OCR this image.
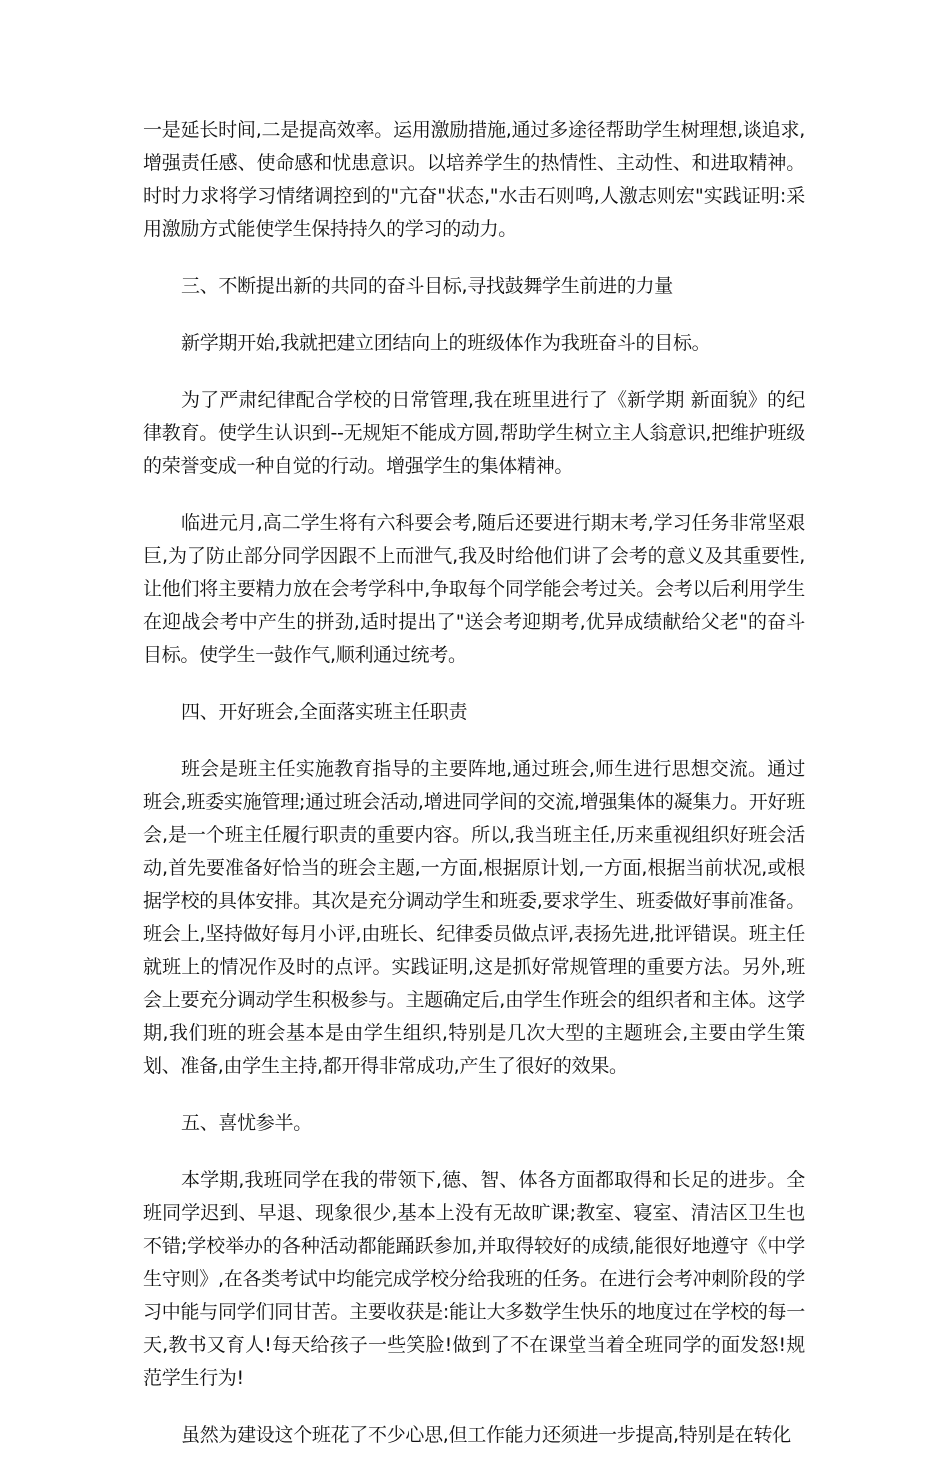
一是延长时间,二是提高效率。运用激励措施,通过多途径帮助学生树理想,谈追求,增强责任感、使命感和忧患意识。以培养学生的热情性、主动性、和进取精神。时时力求将学习情绪调控到的"亢奋"状态,"水击石则鸣,人激志则宏"实践证明:采用激励方式能使学生保持持久的学习的动力。

三、不断提出新的共同的奋斗目标,寻找鼓舞学生前进的力量

新学期开始,我就把建立团结向上的班级体作为我班奋斗的目标。

为了严肃纪律配合学校的日常管理,我在班里进行了《新学期 新面貌》的纪律教育。使学生认识到--无规矩不能成方圆,帮助学生树立主人翁意识,把维护班级的荣誉变成一种自觉的行动。增强学生的集体精神。

临进元月,高二学生将有六科要会考,随后还要进行期末考,学习任务非常坚艰巨,为了防止部分同学因跟不上而泄气,我及时给他们讲了会考的意义及其重要性,让他们将主要精力放在会考学科中,争取每个同学能会考过关。会考以后利用学生在迎战会考中产生的拼劲,适时提出了"送会考迎期考,优异成绩献给父老"的奋斗目标。使学生一鼓作气,顺利通过统考。

四、开好班会,全面落实班主任职责

班会是班主任实施教育指导的主要阵地,通过班会,师生进行思想交流。通过班会,班委实施管理;通过班会活动,增进同学间的交流,增强集体的凝集力。开好班会,是一个班主任履行职责的重要内容。所以,我当班主任,历来重视组织好班会活动,首先要准备好恰当的班会主题,一方面,根据原计划,一方面,根据当前状况,或根据学校的具体安排。其次是充分调动学生和班委,要求学生、班委做好事前准备。班会上,坚持做好每月小评,由班长、纪律委员做点评,表扬先进,批评错误。班主任就班上的情况作及时的点评。实践证明,这是抓好常规管理的重要方法。另外,班会上要充分调动学生积极参与。主题确定后,由学生作班会的组织者和主体。这学期,我们班的班会基本是由学生组织,特别是几次大型的主题班会,主要由学生策划、准备,由学生主持,都开得非常成功,产生了很好的效果。

五、喜忧参半。

本学期,我班同学在我的带领下,德、智、体各方面都取得和长足的进步。全班同学迟到、早退、现象很少,基本上没有无故旷课;教室、寝室、清洁区卫生也不错;学校举办的各种活动都能踊跃参加,并取得较好的成绩,能很好地遵守《中学生守则》,在各类考试中均能完成学校分给我班的任务。在进行会考冲刺阶段的学习中能与同学们同甘苦。主要收获是:能让大多数学生快乐的地度过在学校的每一天,教书又育人!每天给孩子一些笑脸!做到了不在课堂当着全班同学的面发怒!规范学生行为!

虽然为建设这个班花了不少心思,但工作能力还须进一步提高,特别是在转化
